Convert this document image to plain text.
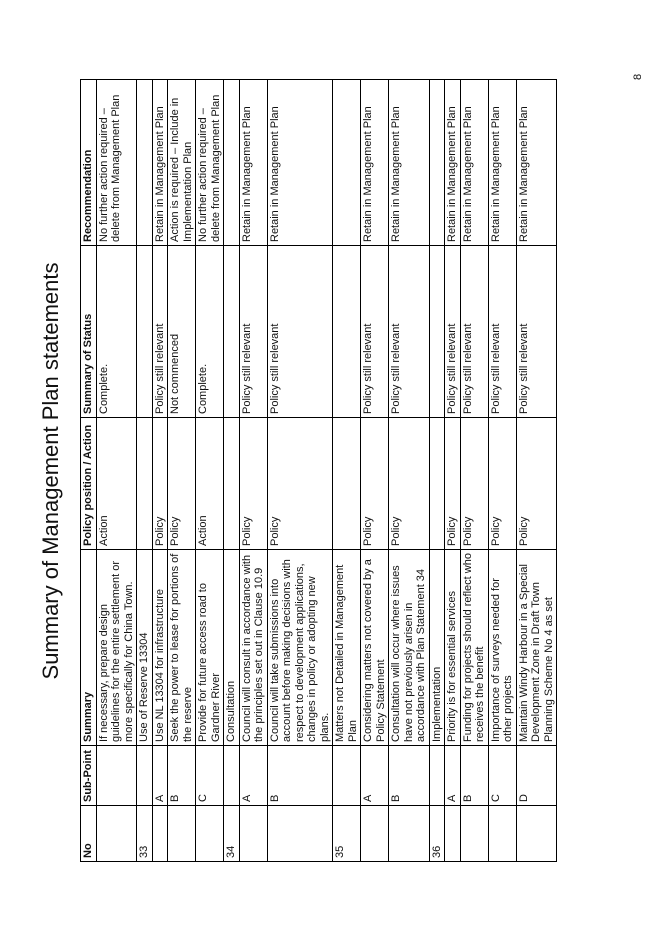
Summary of Management Plan statements
No	Sub-Point	Summary	Policy position / Action	Summary of Status	Recommendation
		If necessary, prepare design guidelines for the entire settlement or more specifically for China Town.	Action	Complete.	No further action required – delete from Management Plan
33		Use of Reserve 13304			
	A	Use NL 13304 for infrastructure	Policy	Policy still relevant	Retain in Management Plan
	B	Seek the power to lease for portions of the reserve	Policy	Not commenced	Action is required – Include in Implementation Plan
	C	Provide for future access road to Gardner River	Action	Complete.	No further action required – delete from Management Plan
34		Consultation			
	A	Council will consult in accordance with the principles set out in Clause 10.9	Policy	Policy still relevant	Retain in Management Plan
	B	Council will take submissions into account before making decisions with respect to development applications, changes in policy or adopting new plans.	Policy	Policy still relevant	Retain in Management Plan
35		Matters not Detailed in Management Plan			
	A	Considering matters not covered by a Policy Statement	Policy	Policy still relevant	Retain in Management Plan
	B	Consultation will occur where issues have not previously arisen in accordance with Plan Statement 34	Policy	Policy still relevant	Retain in Management Plan
36		Implementation			
	A	Priority is for essential services	Policy	Policy still relevant	Retain in Management Plan
	B	Funding for projects should reflect who receives the benefit	Policy	Policy still relevant	Retain in Management Plan
	C	Importance of surveys needed for other projects	Policy	Policy still relevant	Retain in Management Plan
	D	Maintain Windy Harbour in a Special Development Zone in Draft Town Planning Scheme No 4 as set	Policy	Policy still relevant	Retain in Management Plan
8
